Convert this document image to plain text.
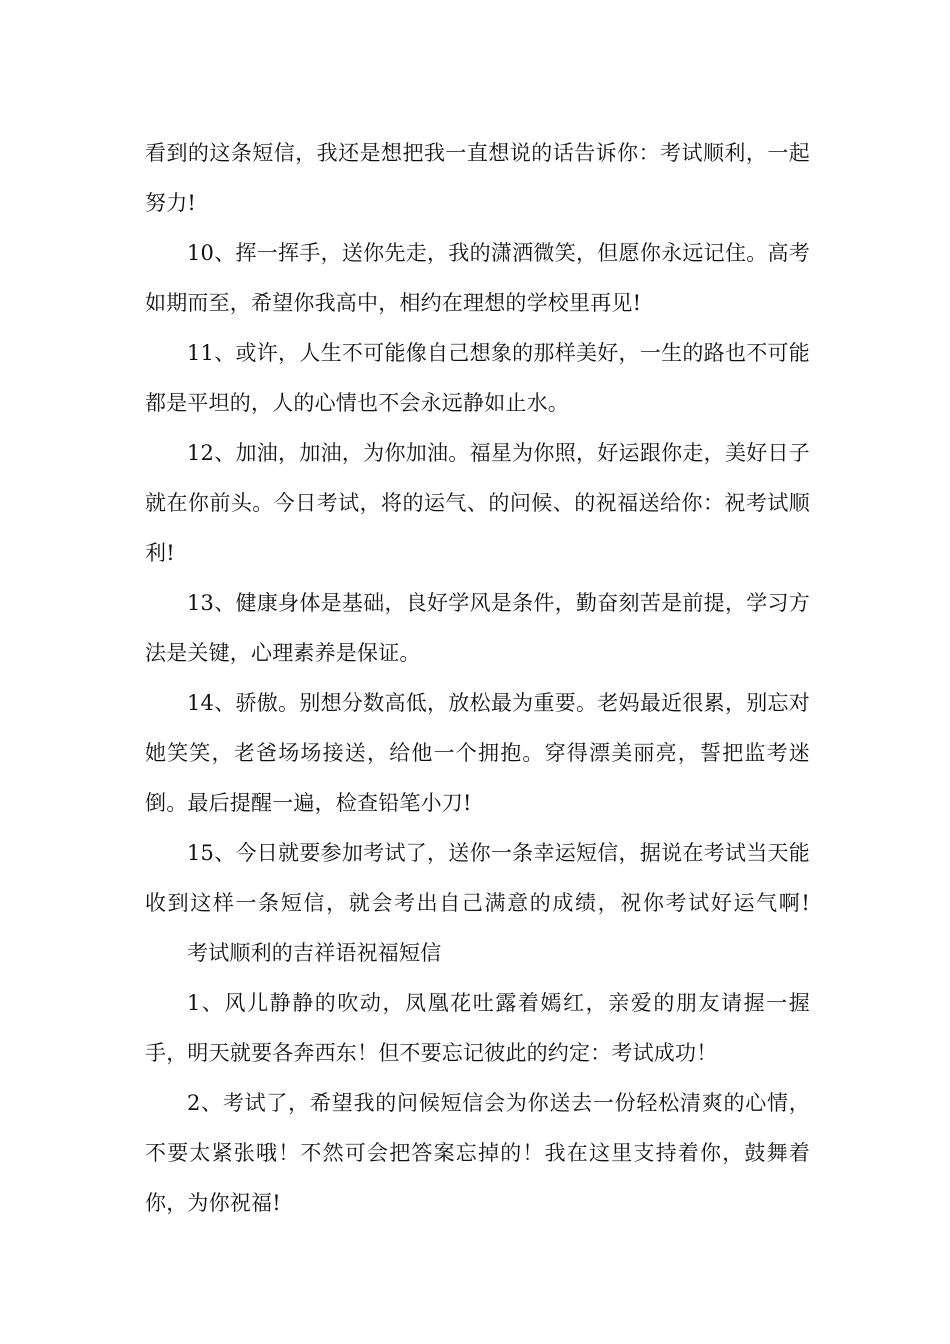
看到的这条短信，我还是想把我一直想说的话告诉你：考试顺利，一起努力!

10、挥一挥手，送你先走，我的潇洒微笑，但愿你永远记住。高考如期而至，希望你我高中，相约在理想的学校里再见!

11、或许，人生不可能像自己想象的那样美好，一生的路也不可能都是平坦的，人的心情也不会永远静如止水。

12、加油，加油，为你加油。福星为你照，好运跟你走，美好日子就在你前头。今日考试，将的运气、的问候、的祝福送给你：祝考试顺利!

13、健康身体是基础，良好学风是条件，勤奋刻苦是前提，学习方法是关键，心理素养是保证。

14、骄傲。别想分数高低，放松最为重要。老妈最近很累，别忘对她笑笑，老爸场场接送，给他一个拥抱。穿得漂美丽亮，誓把监考迷倒。最后提醒一遍，检查铅笔小刀!

15、今日就要参加考试了，送你一条幸运短信，据说在考试当天能收到这样一条短信，就会考出自己满意的成绩，祝你考试好运气啊!考试顺利的吉祥语祝福短信

1、风儿静静的吹动，凤凰花吐露着嫣红，亲爱的朋友请握一握手，明天就要各奔西东！但不要忘记彼此的约定：考试成功！

2、考试了，希望我的问候短信会为你送去一份轻松清爽的心情，不要太紧张哦！不然可会把答案忘掉的！我在这里支持着你，鼓舞着你，为你祝福!
